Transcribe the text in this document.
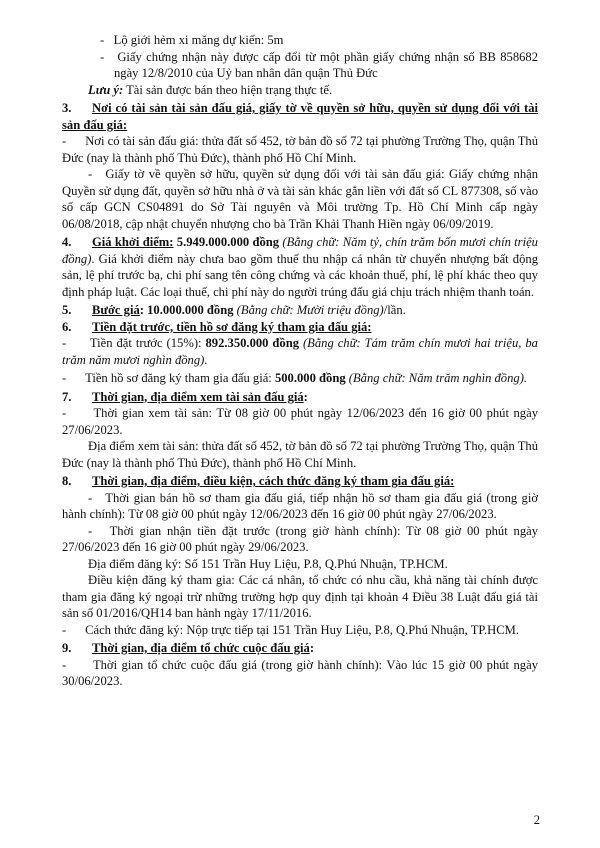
-   Lộ giới hẻm xi măng dự kiến: 5m

-   Giấy chứng nhận này được cấp đổi từ một phần giấy chứng nhận số BB 858682 ngày 12/8/2010 của Uỷ ban nhân dân quận Thủ Đức

Lưu ý: Tài sản được bán theo hiện trạng thực tế.

3. Nơi có tài sản tài sản đấu giá, giấy tờ về quyền sở hữu, quyền sử dụng đối với tài sản đấu giá:

-      Nơi có tài sản đấu giá: thửa đất số 452, tờ bản đồ số 72 tại phường Trường Thọ, quận Thủ Đức (nay là thành phố Thủ Đức), thành phố Hồ Chí Minh.

-   Giấy tờ về quyền sở hữu, quyền sử dụng đối với tài sản đấu giá: Giấy chứng nhận Quyền sử dụng đất, quyền sở hữu nhà ở và tài sản khác gắn liền với đất số CL 877308, số vào số cấp GCN CS04891 do Sở Tài nguyên và Môi trường Tp. Hồ Chí Minh cấp ngày 06/08/2018, cập nhật chuyển nhượng cho bà Trần Khải Thanh Hiền ngày 06/09/2019.

4. Giá khởi điểm: 5.949.000.000 đồng (Bằng chữ: Năm tỷ, chín trăm bốn mươi chín triệu đồng). Giá khởi điểm này chưa bao gồm thuế thu nhập cá nhân từ chuyển nhượng bất động sản, lệ phí trước bạ, chi phí sang tên công chứng và các khoản thuế, phí, lệ phí khác theo quy định pháp luật. Các loại thuế, chi phí này do người trúng đấu giá chịu trách nhiệm thanh toán.

5. Bước giá: 10.000.000 đồng (Bằng chữ: Mười triệu đồng)/lần.

6. Tiền đặt trước, tiền hồ sơ đăng ký tham gia đấu giá:

-      Tiền đặt trước (15%): 892.350.000 đồng (Bằng chữ: Tám trăm chín mươi hai triệu, ba trăm năm mươi nghìn đồng).

-      Tiền hồ sơ đăng ký tham gia đấu giá: 500.000 đồng (Bằng chữ: Năm trăm nghìn đồng).

7. Thời gian, địa điểm xem tài sản đấu giá:

-      Thời gian xem tài sản: Từ 08 giờ 00 phút ngày 12/06/2023 đến 16 giờ 00 phút ngày 27/06/2023.

Địa điểm xem tài sản: thửa đất số 452, tờ bản đồ số 72 tại phường Trường Thọ, quận Thủ Đức (nay là thành phố Thủ Đức), thành phố Hồ Chí Minh.

8. Thời gian, địa điểm, điều kiện, cách thức đăng ký tham gia đấu giá:

-   Thời gian bán hồ sơ tham gia đấu giá, tiếp nhận hồ sơ tham gia đấu giá (trong giờ hành chính): Từ 08 giờ 00 phút ngày 12/06/2023 đến 16 giờ 00 phút ngày 27/06/2023.

-   Thời gian nhận tiền đặt trước (trong giờ hành chính): Từ 08 giờ 00 phút ngày 27/06/2023 đến 16 giờ 00 phút ngày 29/06/2023.

Địa điểm đăng ký: Số 151 Trần Huy Liệu, P.8, Q.Phú Nhuận, TP.HCM.

Điều kiện đăng ký tham gia: Các cá nhân, tổ chức có nhu cầu, khả năng tài chính được tham gia đăng ký ngoại trừ những trường hợp quy định tại khoản 4 Điều 38 Luật đấu giá tài sản số 01/2016/QH14 ban hành ngày 17/11/2016.

-      Cách thức đăng ký: Nộp trực tiếp tại 151 Trần Huy Liệu, P.8, Q.Phú Nhuận, TP.HCM.

9. Thời gian, địa điểm tổ chức cuộc đấu giá:

-      Thời gian tổ chức cuộc đấu giá (trong giờ hành chính): Vào lúc 15 giờ 00 phút ngày 30/06/2023.

2
